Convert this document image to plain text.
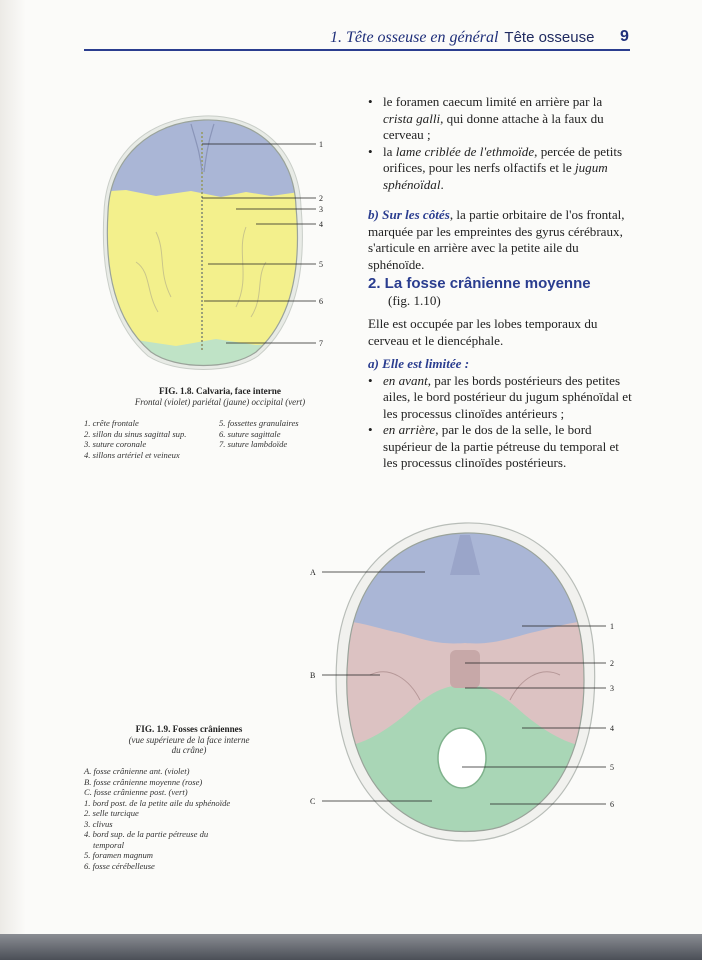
1. Tête osseuse en général Tête osseuse 9
• le foramen caecum limité en arrière par la crista galli, qui donne attache à la faux du cerveau ;
• la lame criblée de l'ethmoïde, percée de petits orifices, pour les nerfs olfactifs et le jugum sphénoïdal.

b) Sur les côtés, la partie orbitaire de l'os frontal, marquée par les empreintes des gyrus cérébraux, s'articule en arrière avec la petite aile du sphénoïde.

2. La fosse crânienne moyenne
(fig. 1.10)

Elle est occupée par les lobes temporaux du cerveau et le diencéphale.

a) Elle est limitée :

• en avant, par les bords postérieurs des petites ailes, le bord postérieur du jugum sphénoïdal et les processus clinoïdes antérieurs ;
• en arrière, par le dos de la selle, le bord supérieur de la partie pétreuse du temporal et les processus clinoïdes postérieurs.
1
2
3
4
5
6
7
FIG. 1.8. Calvaria, face interne
Frontal (violet) pariétal (jaune) occipital (vert)
1. crête frontale
2. sillon du sinus sagittal sup.
3. suture coronale
4. sillons artériel et veineux
5. fossettes granulaires
6. suture sagittale
7. suture lambdoïde
A
B
C
1
2
3
4
5
6
FIG. 1.9. Fosses crâniennes
(vue supérieure de la face interne
du crâne)
A. fosse crânienne ant. (violet)
B. fosse crânienne moyenne (rose)
C. fosse crânienne post. (vert)
1. bord post. de la petite aile du sphénoïde
2. selle turcique
3. clivus
4. bord sup. de la partie pétreuse du
temporal
5. foramen magnum
6. fosse cérébelleuse
